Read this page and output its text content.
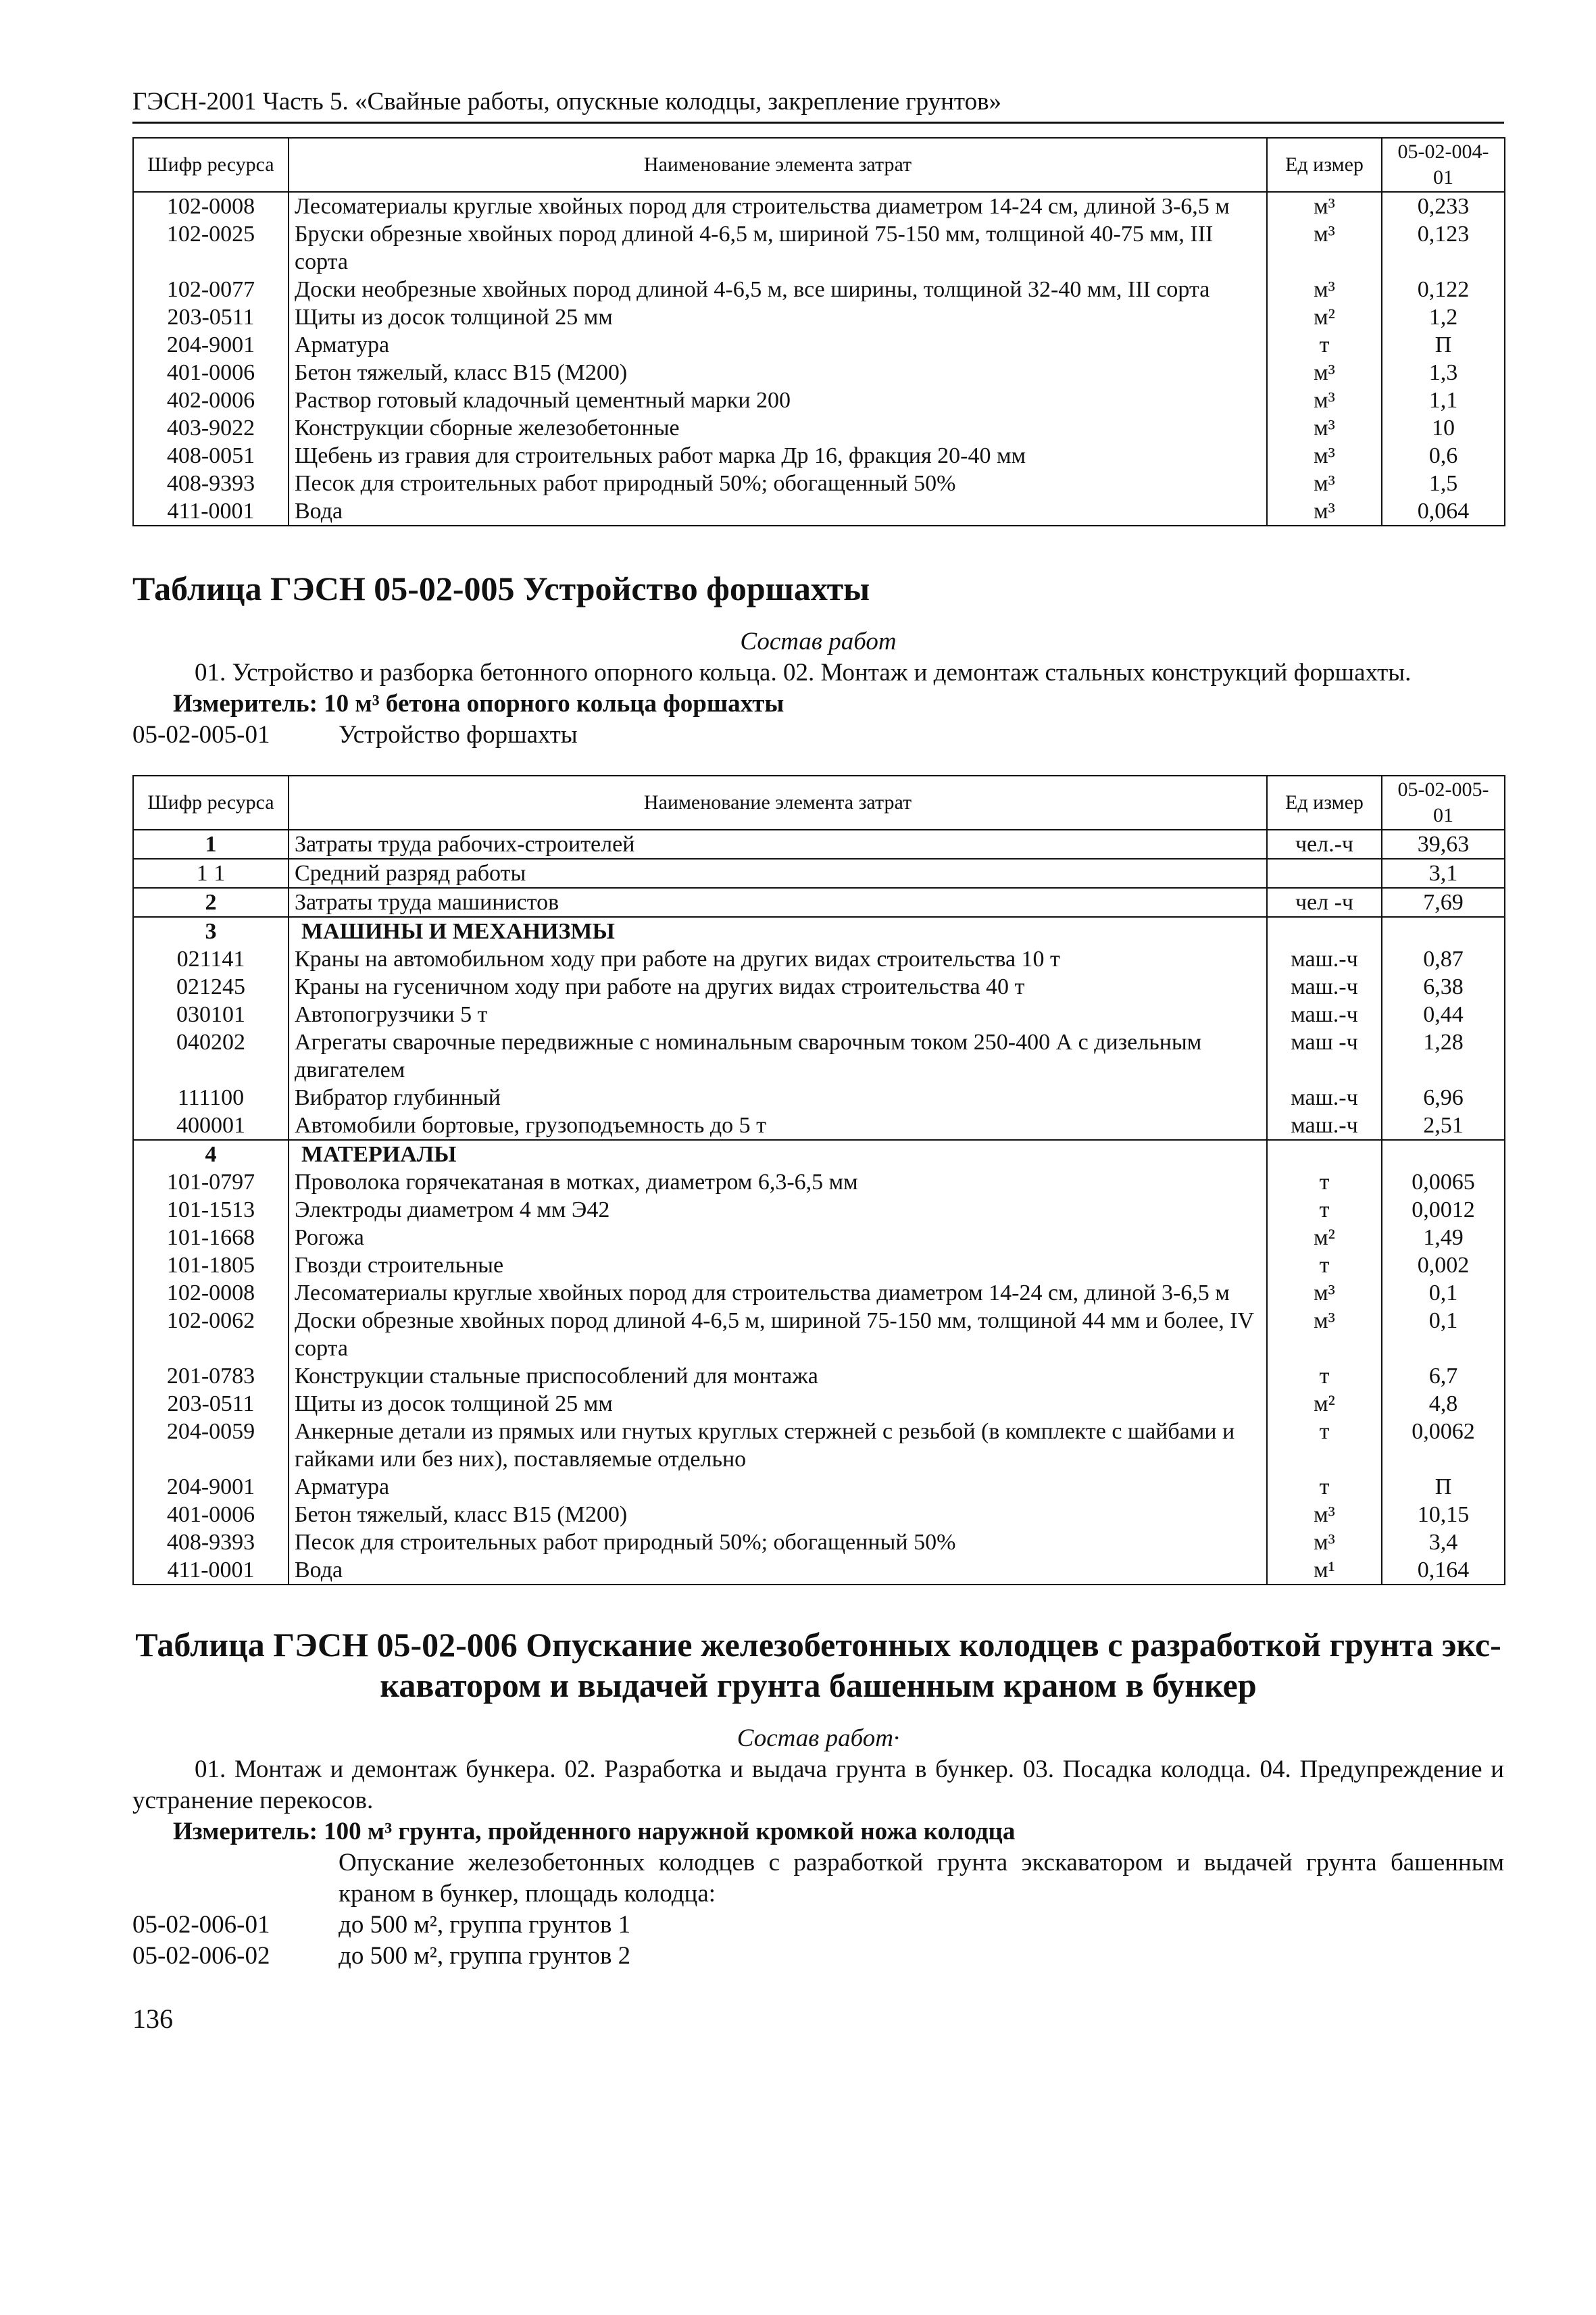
ГЭСН-2001 Часть 5. «Свайные работы, опускные колодцы, закрепление грунтов»
Шифр ресурса	Наименование элемента затрат	Ед измер	05-02-004-01
102-0008	Лесоматериалы круглые хвойных пород для строительства диаметром 14-24 см, длиной 3-6,5 м	м³	0,233
102-0025	Бруски обрезные хвойных пород длиной 4-6,5 м, шириной 75-150 мм, толщиной 40-75 мм, III сорта	м³	0,123
102-0077	Доски необрезные хвойных пород длиной 4-6,5 м, все ширины, толщиной 32-40 мм, III сорта	м³	0,122
203-0511	Щиты из досок толщиной 25 мм	м²	1,2
204-9001	Арматура	т	П
401-0006	Бетон тяжелый, класс В15 (М200)	м³	1,3
402-0006	Раствор готовый кладочный цементный марки 200	м³	1,1
403-9022	Конструкции сборные железобетонные	м³	10
408-0051	Щебень из гравия для строительных работ марка Др 16, фракция 20-40 мм	м³	0,6
408-9393	Песок для строительных работ природный 50%; обогащенный 50%	м³	1,5
411-0001	Вода	м³	0,064
Таблица ГЭСН 05-02-005 Устройство форшахты
Состав работ
01. Устройство и разборка бетонного опорного кольца. 02. Монтаж и демонтаж стальных конструкций форшахты.
Измеритель: 10 м³ бетона опорного кольца форшахты
05-02-005-01	Устройство форшахты
Шифр ресурса	Наименование элемента затрат	Ед измер	05-02-005-01
1	Затраты труда рабочих-строителей	чел.-ч	39,63
1 1	Средний разряд работы		3,1
2	Затраты труда машинистов	чел -ч	7,69
3	МАШИНЫ И МЕХАНИЗМЫ		
021141	Краны на автомобильном ходу при работе на других видах строительства 10 т	маш.-ч	0,87
021245	Краны на гусеничном ходу при работе на других видах строительства 40 т	маш.-ч	6,38
030101	Автопогрузчики 5 т	маш.-ч	0,44
040202	Агрегаты сварочные передвижные с номинальным сварочным током 250-400 А с дизельным двигателем	маш -ч	1,28
111100	Вибратор глубинный	маш.-ч	6,96
400001	Автомобили бортовые, грузоподъемность до 5 т	маш.-ч	2,51
4	МАТЕРИАЛЫ		
101-0797	Проволока горячекатаная в мотках, диаметром 6,3-6,5 мм	т	0,0065
101-1513	Электроды диаметром 4 мм Э42	т	0,0012
101-1668	Рогожа	м²	1,49
101-1805	Гвозди строительные	т	0,002
102-0008	Лесоматериалы круглые хвойных пород для строительства диаметром 14-24 см, длиной 3-6,5 м	м³	0,1
102-0062	Доски обрезные хвойных пород длиной 4-6,5 м, шириной 75-150 мм, толщиной 44 мм и более, IV сорта	м³	0,1
201-0783	Конструкции стальные приспособлений для монтажа	т	6,7
203-0511	Щиты из досок толщиной 25 мм	м²	4,8
204-0059	Анкерные детали из прямых или гнутых круглых стержней с резьбой (в комплекте с шайбами и гайками или без них), поставляемые отдельно	т	0,0062
204-9001	Арматура	т	П
401-0006	Бетон тяжелый, класс В15 (М200)	м³	10,15
408-9393	Песок для строительных работ природный 50%; обогащенный 50%	м³	3,4
411-0001	Вода	м¹	0,164
Таблица ГЭСН 05-02-006 Опускание железобетонных колодцев с разработкой грунта экс-
каватором и выдачей грунта башенным краном в бункер
Состав работ·
01. Монтаж и демонтаж бункера. 02. Разработка и выдача грунта в бункер. 03. Посадка колодца. 04. Предупреждение и устранение перекосов.
Измеритель: 100 м³ грунта, пройденного наружной кромкой ножа колодца
Опускание железобетонных колодцев с разработкой грунта экскаватором и выдачей грунта башенным краном в бункер, площадь колодца:
05-02-006-01	до 500 м², группа грунтов 1
05-02-006-02	до 500 м², группа грунтов 2
136
